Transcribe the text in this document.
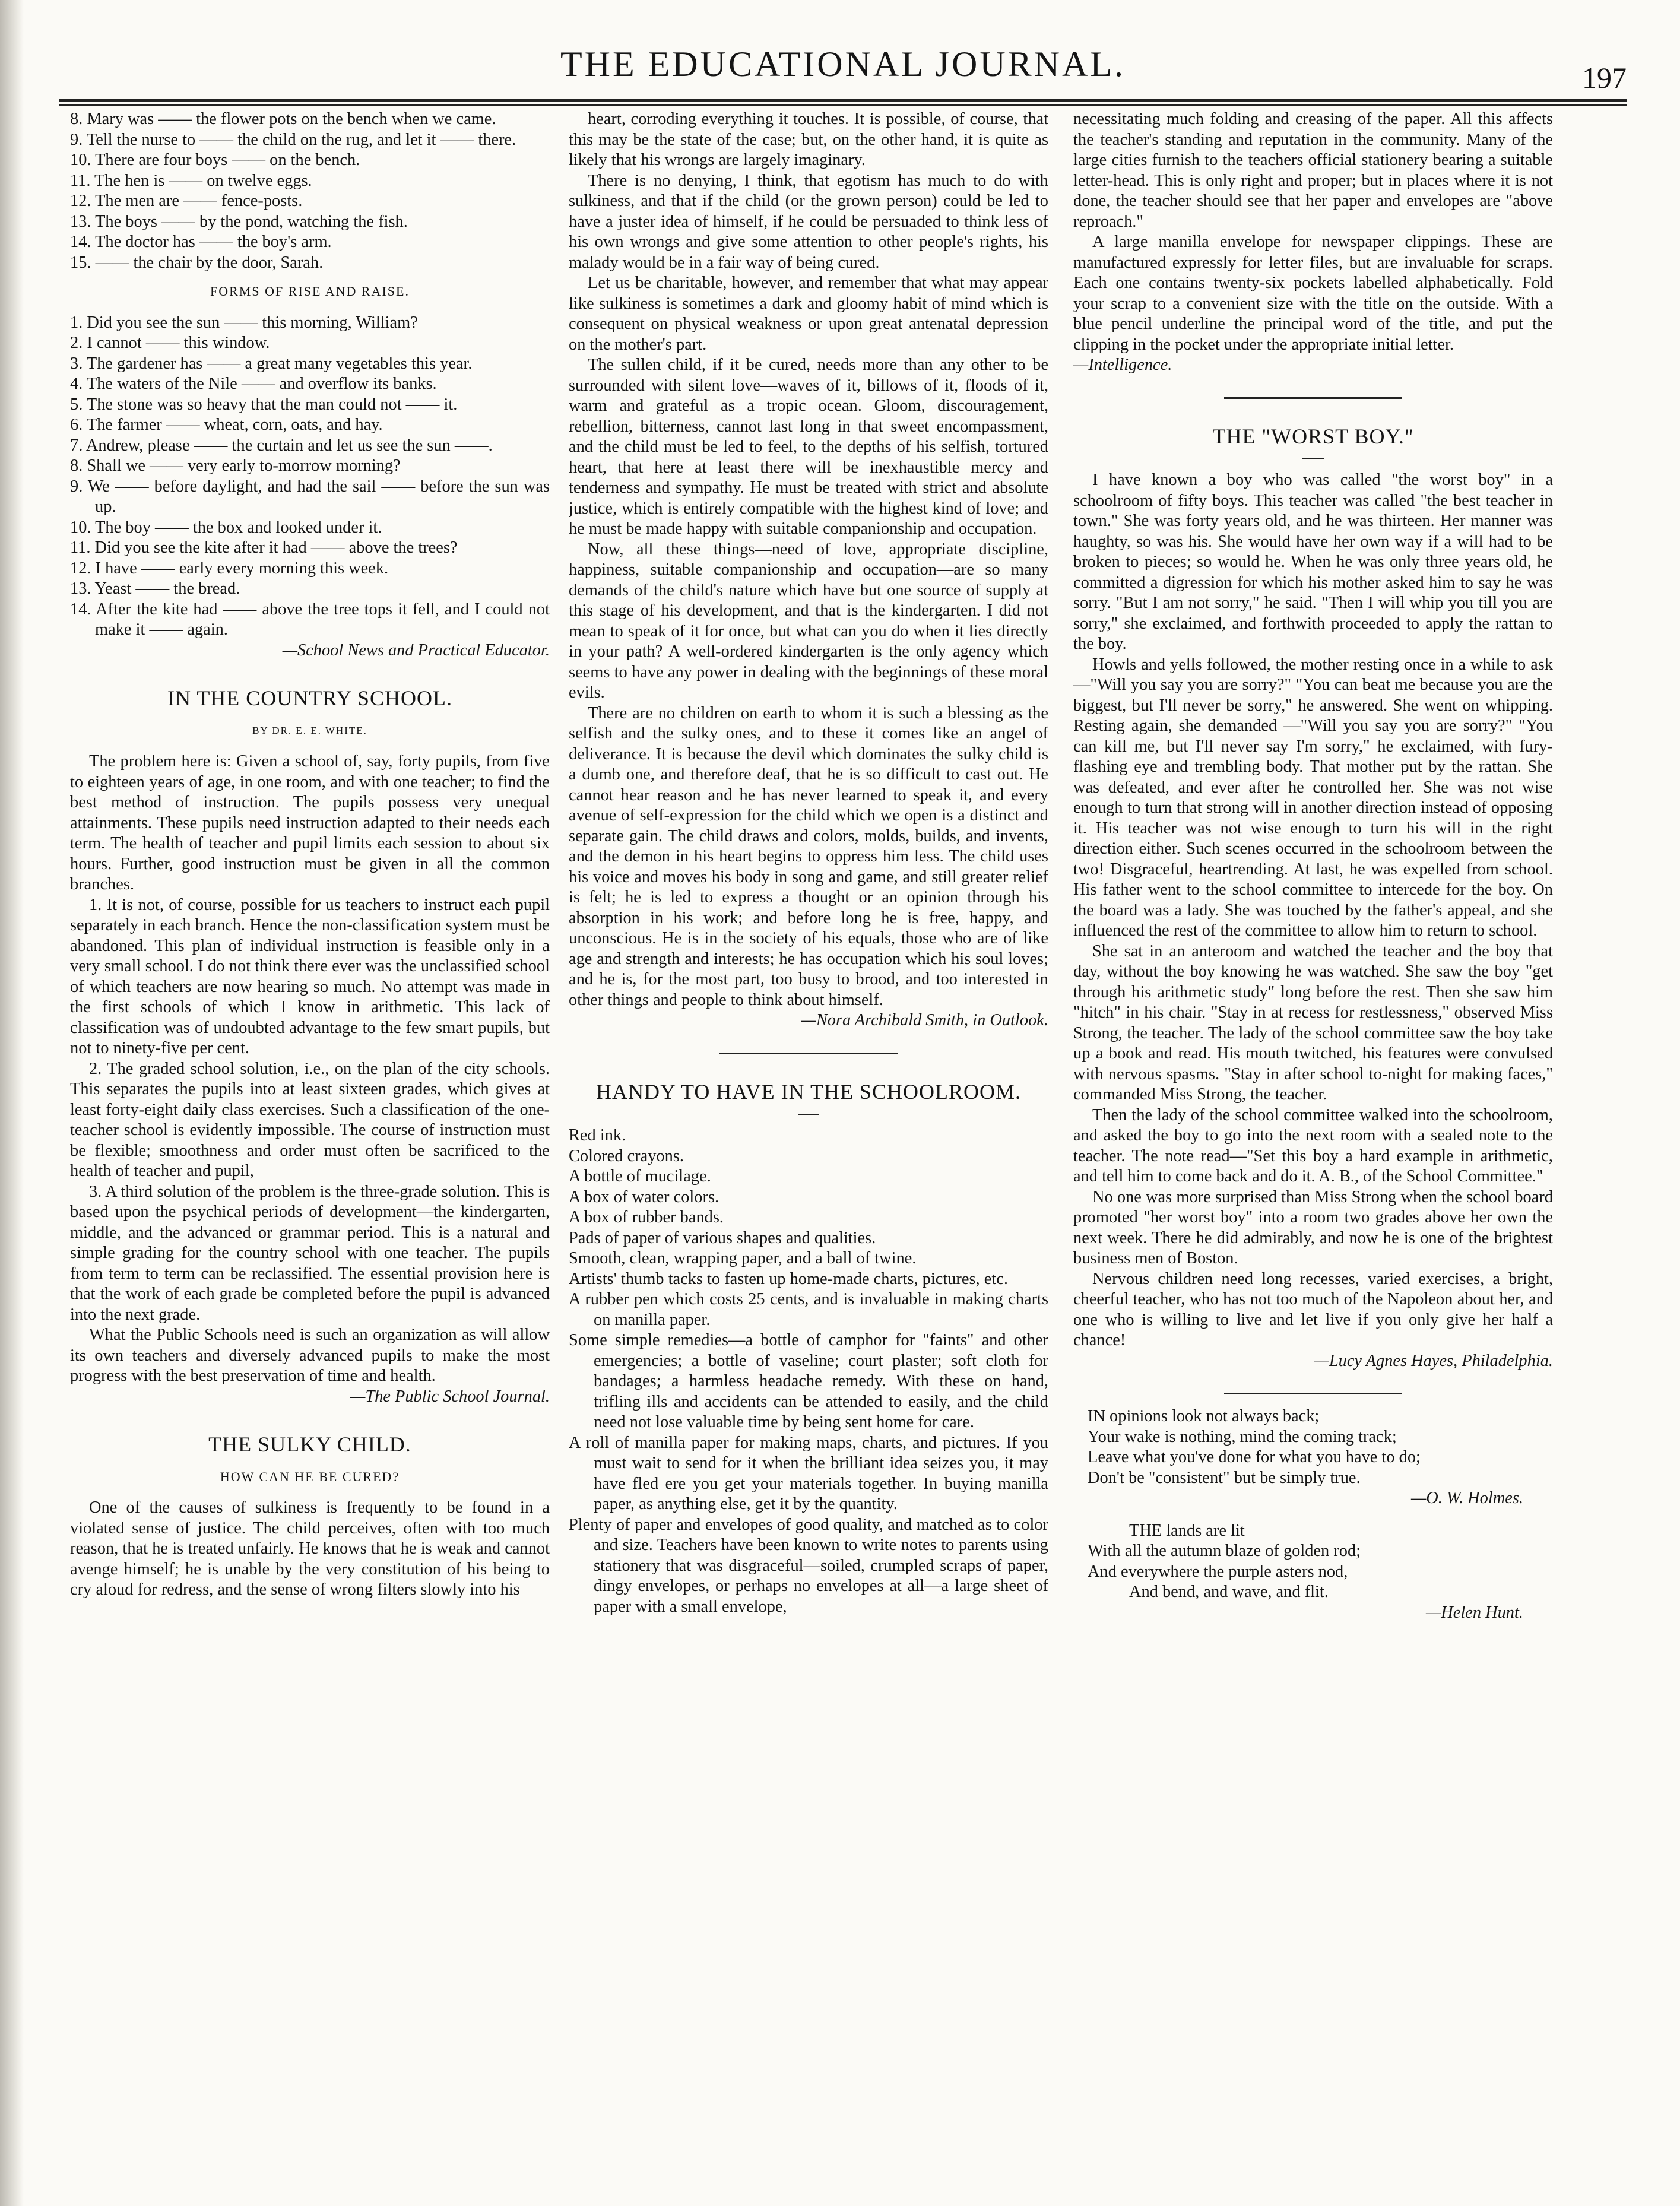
THE EDUCATIONAL JOURNAL.	197

8. Mary was —— the flower pots on the bench when we came.

9. Tell the nurse to —— the child on the rug, and let it —— there.

10. There are four boys —— on the bench.

11. The hen is —— on twelve eggs.

12. The men are —— fence-posts.

13. The boys —— by the pond, watching the fish.

14. The doctor has —— the boy's arm.

15. —— the chair by the door, Sarah.

FORMS OF RISE AND RAISE.

1. Did you see the sun —— this morning, William?

2. I cannot —— this window.

3. The gardener has —— a great many vegetables this year.

4. The waters of the Nile —— and overflow its banks.

5. The stone was so heavy that the man could not —— it.

6. The farmer —— wheat, corn, oats, and hay.

7. Andrew, please —— the curtain and let us see the sun ——.

8. Shall we —— very early to-morrow morning?

9. We —— before daylight, and had the sail —— before the sun was up.

10. The boy —— the box and looked under it.

11. Did you see the kite after it had —— above the trees?

12. I have —— early every morning this week.

13. Yeast —— the bread.

14. After the kite had —— above the tree tops it fell, and I could not make it —— again.

—School News and Practical Educator.
IN THE COUNTRY SCHOOL.
BY DR. E. E. WHITE.

The problem here is: Given a school of, say, forty pupils, from five to eighteen years of age, in one room, and with one teacher; to find the best method of instruction. The pupils possess very unequal attainments. These pupils need instruction adapted to their needs each term. The health of teacher and pupil limits each session to about six hours. Further, good instruction must be given in all the common branches.

1. It is not, of course, possible for us teachers to instruct each pupil separately in each branch. Hence the non-classification system must be abandoned. This plan of individual instruction is feasible only in a very small school. I do not think there ever was the unclassified school of which teachers are now hearing so much. No attempt was made in the first schools of which I know in arithmetic. This lack of classification was of undoubted advantage to the few smart pupils, but not to ninety-five per cent.

2. The graded school solution, i.e., on the plan of the city schools. This separates the pupils into at least sixteen grades, which gives at least forty-eight daily class exercises. Such a classification of the one-teacher school is evidently impossible. The course of instruction must be flexible; smoothness and order must often be sacrificed to the health of teacher and pupil,

3. A third solution of the problem is the three-grade solution. This is based upon the psychical periods of development—the kindergarten, middle, and the advanced or grammar period. This is a natural and simple grading for the country school with one teacher. The pupils from term to term can be reclassified. The essential provision here is that the work of each grade be completed before the pupil is advanced into the next grade.

What the Public Schools need is such an organization as will allow its own teachers and diversely advanced pupils to make the most progress with the best preservation of time and health.

—The Public School Journal.
THE SULKY CHILD.
HOW CAN HE BE CURED?

One of the causes of sulkiness is frequently to be found in a violated sense of justice. The child perceives, often with too much reason, that he is treated unfairly. He knows that he is weak and cannot avenge himself; he is unable by the very constitution of his being to cry aloud for redress, and the sense of wrong filters slowly into his

heart, corroding everything it touches. It is possible, of course, that this may be the state of the case; but, on the other hand, it is quite as likely that his wrongs are largely imaginary.

There is no denying, I think, that egotism has much to do with sulkiness, and that if the child (or the grown person) could be led to have a juster idea of himself, if he could be persuaded to think less of his own wrongs and give some attention to other people's rights, his malady would be in a fair way of being cured.

Let us be charitable, however, and remember that what may appear like sulkiness is sometimes a dark and gloomy habit of mind which is consequent on physical weakness or upon great antenatal depression on the mother's part.

The sullen child, if it be cured, needs more than any other to be surrounded with silent love—waves of it, billows of it, floods of it, warm and grateful as a tropic ocean. Gloom, discouragement, rebellion, bitterness, cannot last long in that sweet encompassment, and the child must be led to feel, to the depths of his selfish, tortured heart, that here at least there will be inexhaustible mercy and tenderness and sympathy. He must be treated with strict and absolute justice, which is entirely compatible with the highest kind of love; and he must be made happy with suitable companionship and occupation.

Now, all these things—need of love, appropriate discipline, happiness, suitable companionship and occupation—are so many demands of the child's nature which have but one source of supply at this stage of his development, and that is the kindergarten. I did not mean to speak of it for once, but what can you do when it lies directly in your path? A well-ordered kindergarten is the only agency which seems to have any power in dealing with the beginnings of these moral evils.

There are no children on earth to whom it is such a blessing as the selfish and the sulky ones, and to these it comes like an angel of deliverance. It is because the devil which dominates the sulky child is a dumb one, and therefore deaf, that he is so difficult to cast out. He cannot hear reason and he has never learned to speak it, and every avenue of self-expression for the child which we open is a distinct and separate gain. The child draws and colors, molds, builds, and invents, and the demon in his heart begins to oppress him less. The child uses his voice and moves his body in song and game, and still greater relief is felt; he is led to express a thought or an opinion through his absorption in his work; and before long he is free, happy, and unconscious. He is in the society of his equals, those who are of like age and strength and interests; he has occupation which his soul loves; and he is, for the most part, too busy to brood, and too interested in other things and people to think about himself.

—Nora Archibald Smith, in Outlook.
HANDY TO HAVE IN THE SCHOOLROOM.

Red ink.

Colored crayons.

A bottle of mucilage.

A box of water colors.

A box of rubber bands.

Pads of paper of various shapes and qualities.

Smooth, clean, wrapping paper, and a ball of twine.

Artists' thumb tacks to fasten up home-made charts, pictures, etc.

A rubber pen which costs 25 cents, and is invaluable in making charts on manilla paper.

Some simple remedies—a bottle of camphor for "faints" and other emergencies; a bottle of vaseline; court plaster; soft cloth for bandages; a harmless headache remedy. With these on hand, trifling ills and accidents can be attended to easily, and the child need not lose valuable time by being sent home for care.

A roll of manilla paper for making maps, charts, and pictures. If you must wait to send for it when the brilliant idea seizes you, it may have fled ere you get your materials together. In buying manilla paper, as anything else, get it by the quantity.

Plenty of paper and envelopes of good quality, and matched as to color and size. Teachers have been known to write notes to parents using stationery that was disgraceful—soiled, crumpled scraps of paper, dingy envelopes, or perhaps no envelopes at all—a large sheet of paper with a small envelope,

necessitating much folding and creasing of the paper. All this affects the teacher's standing and reputation in the community. Many of the large cities furnish to the teachers official stationery bearing a suitable letter-head. This is only right and proper; but in places where it is not done, the teacher should see that her paper and envelopes are "above reproach."

A large manilla envelope for newspaper clippings. These are manufactured expressly for letter files, but are invaluable for scraps. Each one contains twenty-six pockets labelled alphabetically. Fold your scrap to a convenient size with the title on the outside. With a blue pencil underline the principal word of the title, and put the clipping in the pocket under the appropriate initial letter.

—Intelligence.
THE "WORST BOY."

I have known a boy who was called "the worst boy" in a schoolroom of fifty boys. This teacher was called "the best teacher in town." She was forty years old, and he was thirteen. Her manner was haughty, so was his. She would have her own way if a will had to be broken to pieces; so would he. When he was only three years old, he committed a digression for which his mother asked him to say he was sorry. "But I am not sorry," he said. "Then I will whip you till you are sorry," she exclaimed, and forthwith proceeded to apply the rattan to the boy.

Howls and yells followed, the mother resting once in a while to ask—"Will you say you are sorry?" "You can beat me because you are the biggest, but I'll never be sorry," he answered. She went on whipping. Resting again, she demanded —"Will you say you are sorry?" "You can kill me, but I'll never say I'm sorry," he exclaimed, with fury-flashing eye and trembling body. That mother put by the rattan. She was defeated, and ever after he controlled her. She was not wise enough to turn that strong will in another direction instead of opposing it. His teacher was not wise enough to turn his will in the right direction either. Such scenes occurred in the schoolroom between the two! Disgraceful, heartrending. At last, he was expelled from school. His father went to the school committee to intercede for the boy. On the board was a lady. She was touched by the father's appeal, and she influenced the rest of the committee to allow him to return to school.

She sat in an anteroom and watched the teacher and the boy that day, without the boy knowing he was watched. She saw the boy "get through his arithmetic study" long before the rest. Then she saw him "hitch" in his chair. "Stay in at recess for restlessness," observed Miss Strong, the teacher. The lady of the school committee saw the boy take up a book and read. His mouth twitched, his features were convulsed with nervous spasms. "Stay in after school to-night for making faces," commanded Miss Strong, the teacher.

Then the lady of the school committee walked into the schoolroom, and asked the boy to go into the next room with a sealed note to the teacher. The note read—"Set this boy a hard example in arithmetic, and tell him to come back and do it. A. B., of the School Committee."

No one was more surprised than Miss Strong when the school board promoted "her worst boy" into a room two grades above her own the next week. There he did admirably, and now he is one of the brightest business men of Boston.

Nervous children need long recesses, varied exercises, a bright, cheerful teacher, who has not too much of the Napoleon about her, and one who is willing to live and let live if you only give her half a chance!

—Lucy Agnes Hayes, Philadelphia.
IN opinions look not always back;
Your wake is nothing, mind the coming track;
Leave what you've done for what you have to do;
Don't be "consistent" but be simply true.
—O. W. Holmes.
THE lands are lit
With all the autumn blaze of golden rod;
And everywhere the purple asters nod,
And bend, and wave, and flit.
—Helen Hunt.
